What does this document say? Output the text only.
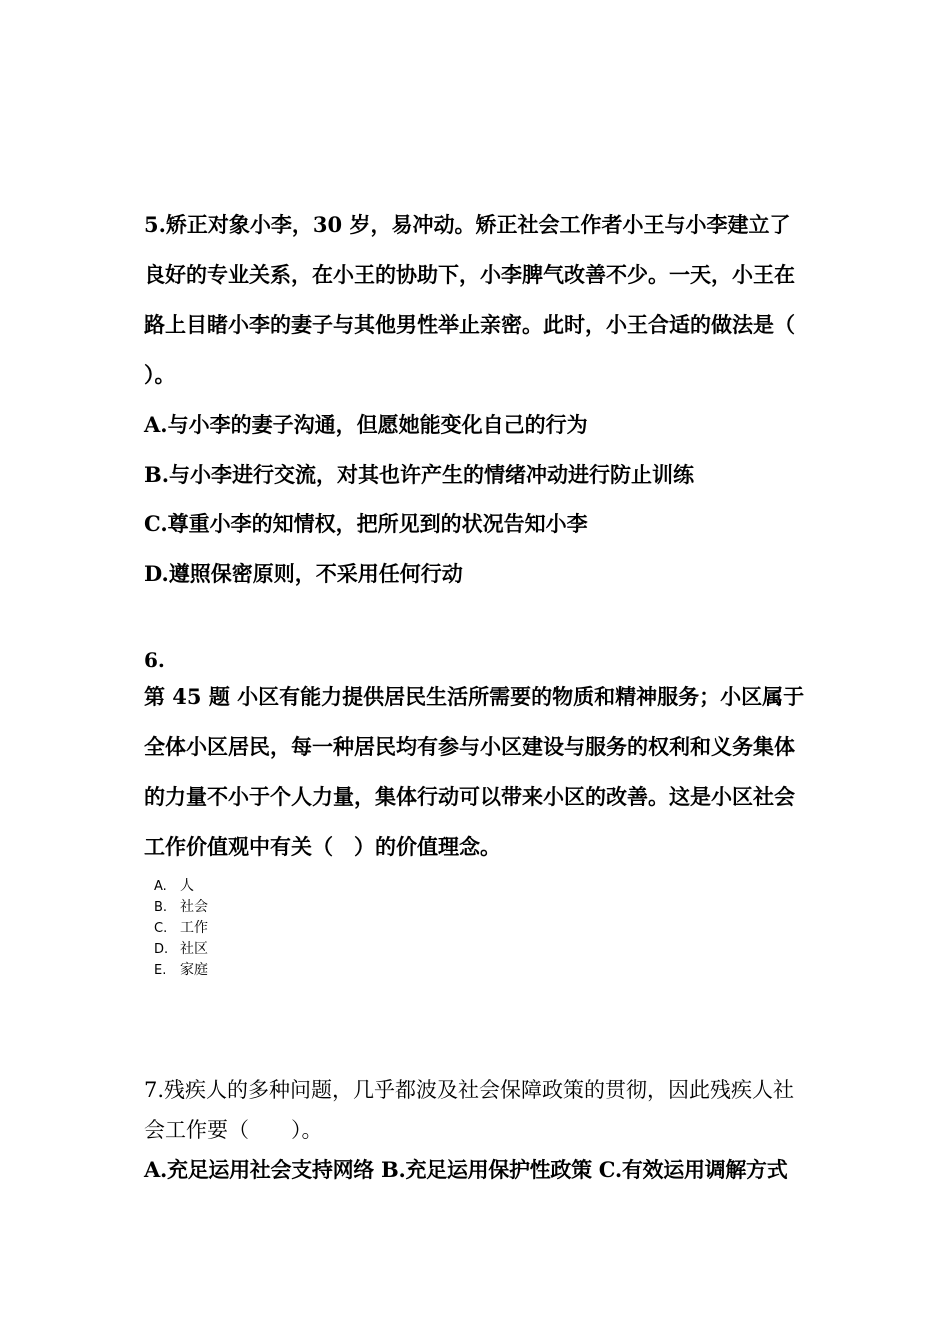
5.矫正对象小李，30 岁，易冲动。矫正社会工作者小王与小李建立了良好的专业关系，在小王的协助下，小李脾气改善不少。一天，小王在路上目睹小李的妻子与其他男性举止亲密。此时，小王合适的做法是（ ）。

A.与小李的妻子沟通，但愿她能变化自己的行为

B.与小李进行交流，对其也许产生的情绪冲动进行防止训练

C.尊重小李的知情权，把所见到的状况告知小李

D.遵照保密原则，不采用任何行动

6.

第 45 题 小区有能力提供居民生活所需要的物质和精神服务；小区属于全体小区居民，每一种居民均有参与小区建设与服务的权利和义务集体的力量不小于个人力量，集体行动可以带来小区的改善。这是小区社会工作价值观中有关（　）的价值理念。

A. 人
B. 社会
C. 工作
D. 社区
E. 家庭

7.残疾人的多种问题，几乎都波及社会保障政策的贯彻，因此残疾人社会工作要（　　）。

A.充足运用社会支持网络 B.充足运用保护性政策 C.有效运用调解方式
